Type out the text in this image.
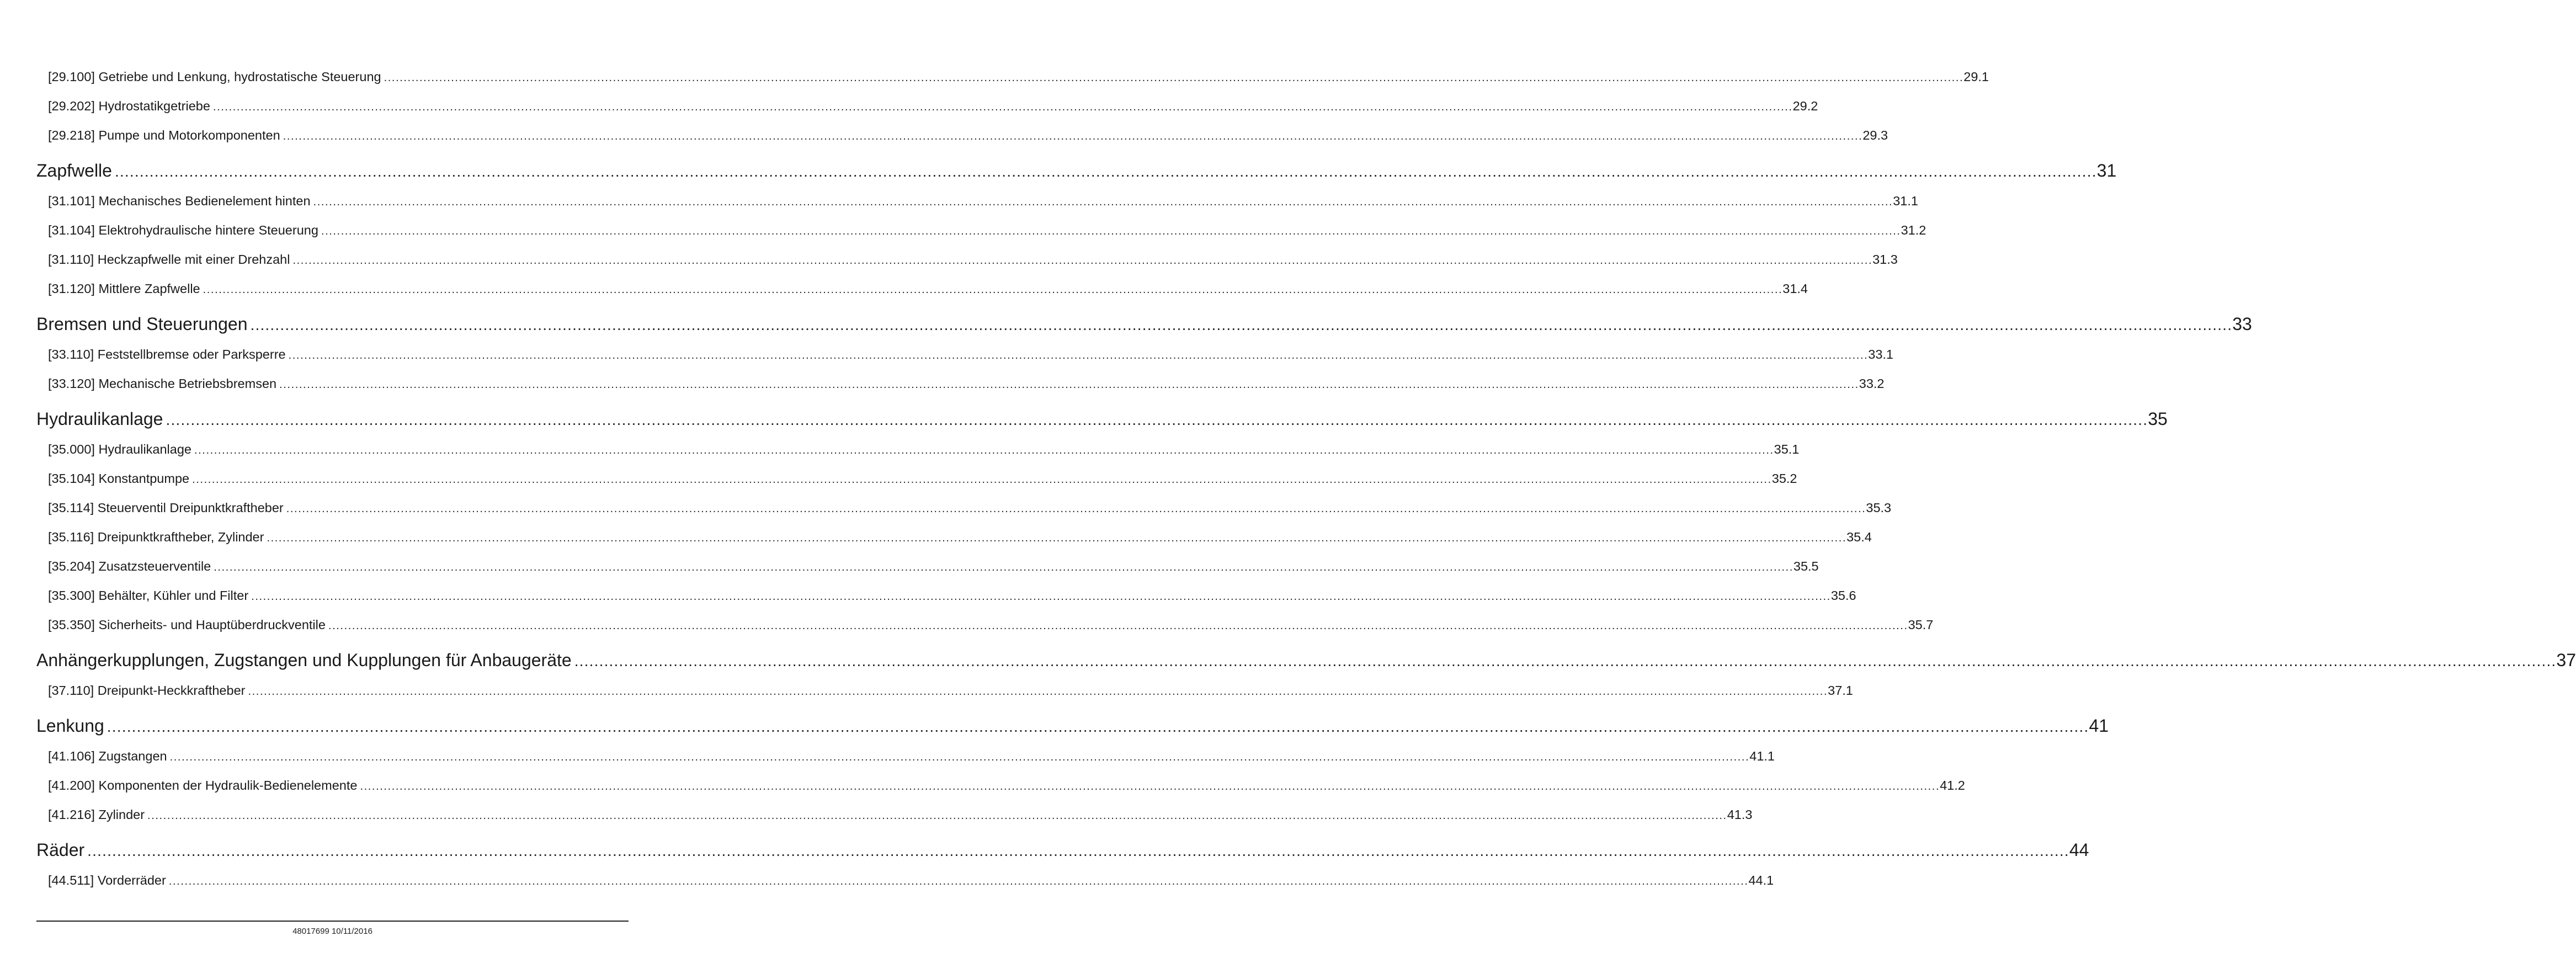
[29.100] Getriebe und Lenkung, hydrostatische Steuerung ................................................................................................................................................................................................................................................................................................................................................................................................................ 29.1
[29.202] Hydrostatikgetriebe ................................................................................................................................................................................................................................................................................................................................................................................................................ 29.2
[29.218] Pumpe und Motorkomponenten ................................................................................................................................................................................................................................................................................................................................................................................................................ 29.3
Zapfwelle ................................................................................................................................................................................................................................................................................................................................................................................................................ 31
[31.101] Mechanisches Bedienelement hinten ................................................................................................................................................................................................................................................................................................................................................................................................................ 31.1
[31.104] Elektrohydraulische hintere Steuerung ................................................................................................................................................................................................................................................................................................................................................................................................................ 31.2
[31.110] Heckzapfwelle mit einer Drehzahl ................................................................................................................................................................................................................................................................................................................................................................................................................ 31.3
[31.120] Mittlere Zapfwelle ................................................................................................................................................................................................................................................................................................................................................................................................................ 31.4
Bremsen und Steuerungen ................................................................................................................................................................................................................................................................................................................................................................................................................ 33
[33.110] Feststellbremse oder Parksperre ................................................................................................................................................................................................................................................................................................................................................................................................................ 33.1
[33.120] Mechanische Betriebsbremsen ................................................................................................................................................................................................................................................................................................................................................................................................................ 33.2
Hydraulikanlage ................................................................................................................................................................................................................................................................................................................................................................................................................ 35
[35.000] Hydraulikanlage ................................................................................................................................................................................................................................................................................................................................................................................................................ 35.1
[35.104] Konstantpumpe ................................................................................................................................................................................................................................................................................................................................................................................................................ 35.2
[35.114] Steuerventil Dreipunktkraftheber ................................................................................................................................................................................................................................................................................................................................................................................................................ 35.3
[35.116] Dreipunktkraftheber, Zylinder ................................................................................................................................................................................................................................................................................................................................................................................................................ 35.4
[35.204] Zusatzsteuerventile ................................................................................................................................................................................................................................................................................................................................................................................................................ 35.5
[35.300] Behälter, Kühler und Filter ................................................................................................................................................................................................................................................................................................................................................................................................................ 35.6
[35.350] Sicherheits- und Hauptüberdruckventile ................................................................................................................................................................................................................................................................................................................................................................................................................ 35.7
Anhängerkupplungen, Zugstangen und Kupplungen für Anbaugeräte ................................................................................................................................................................................................................................................................................................................................................................................................................ 37
[37.110] Dreipunkt-Heckkraftheber ................................................................................................................................................................................................................................................................................................................................................................................................................ 37.1
Lenkung ................................................................................................................................................................................................................................................................................................................................................................................................................ 41
[41.106] Zugstangen ................................................................................................................................................................................................................................................................................................................................................................................................................ 41.1
[41.200] Komponenten der Hydraulik-Bedienelemente ................................................................................................................................................................................................................................................................................................................................................................................................................ 41.2
[41.216] Zylinder ................................................................................................................................................................................................................................................................................................................................................................................................................ 41.3
Räder ................................................................................................................................................................................................................................................................................................................................................................................................................ 44
[44.511] Vorderräder ................................................................................................................................................................................................................................................................................................................................................................................................................ 44.1
48017699 10/11/2016
